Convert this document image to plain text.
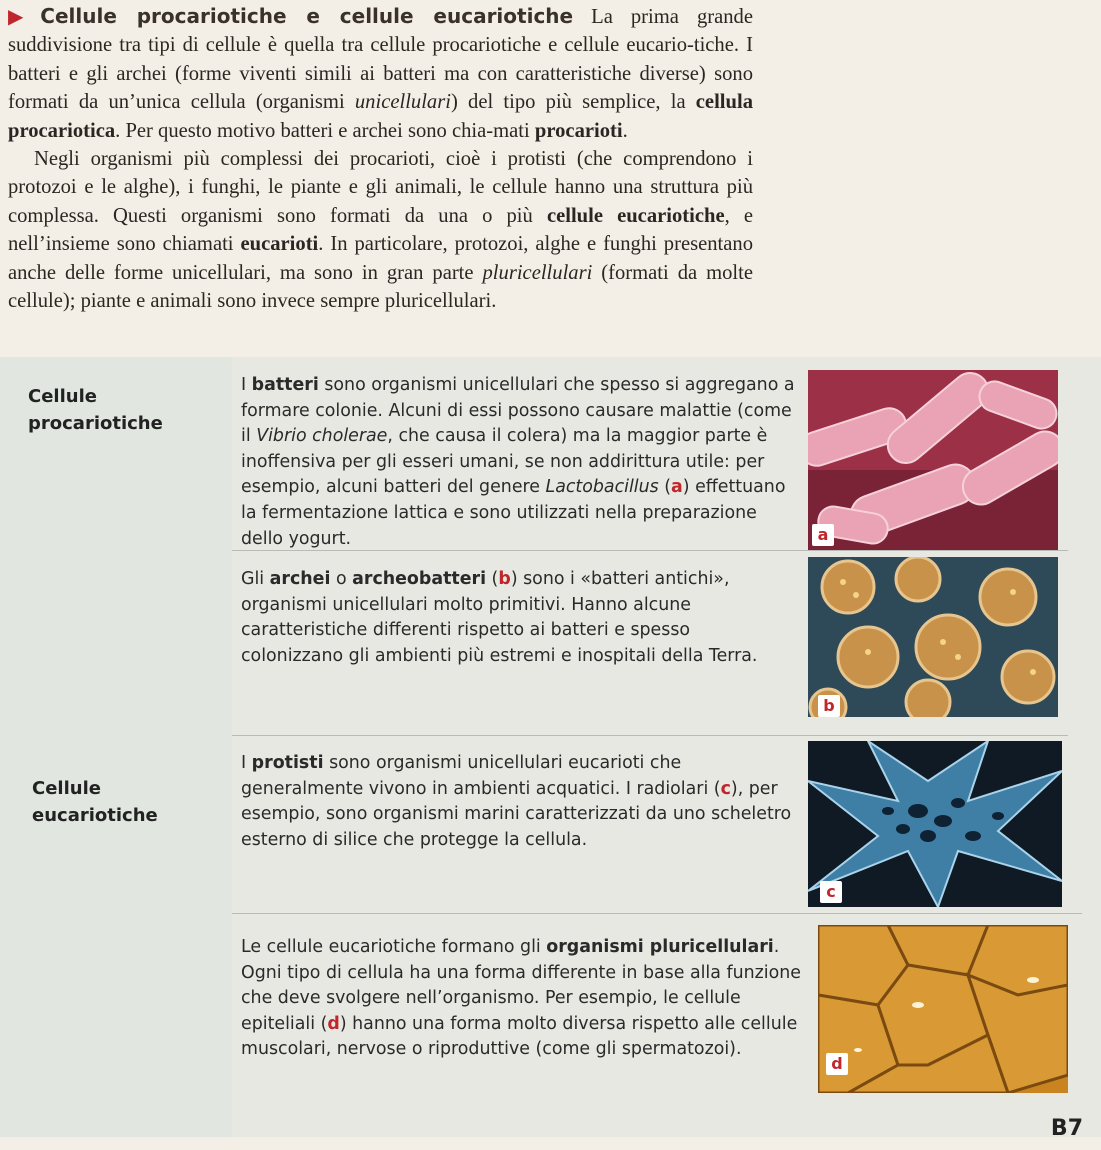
▶ Cellule procariotiche e cellule eucariotiche La prima grande suddivisione tra tipi di cellule è quella tra cellule procariotiche e cellule eucario-tiche. I batteri e gli archei (forme viventi simili ai batteri ma con caratteristiche diverse) sono formati da un’unica cellula (organismi unicellulari) del tipo più semplice, la cellula procariotica. Per questo motivo batteri e archei sono chia-mati procarioti.

Negli organismi più complessi dei procarioti, cioè i protisti (che comprendono i protozoi e le alghe), i funghi, le piante e gli animali, le cellule hanno una struttura più complessa. Questi organismi sono formati da una o più cellule eucariotiche, e nell’insieme sono chiamati eucarioti. In particolare, protozoi, alghe e funghi presentano anche delle forme unicellulari, ma sono in gran parte pluricellulari (formati da molte cellule); piante e animali sono invece sempre pluricellulari.

Cellule
procariotiche
Cellule
eucariotiche
I batteri sono organismi unicellulari che spesso si aggregano a formare colonie. Alcuni di essi possono causare malattie (come il Vibrio cholerae, che causa il colera) ma la maggior parte è inoffensiva per gli esseri umani, se non addirittura utile: per esempio, alcuni batteri del genere Lactobacillus (a) effettuano la fermentazione lattica e sono utilizzati nella preparazione dello yogurt.	a
Gli archei o archeobatteri (b) sono i «batteri antichi», organismi unicellulari molto primitivi. Hanno alcune caratteristiche differenti rispetto ai batteri e spesso colonizzano gli ambienti più estremi e inospitali della Terra.
b
I protisti sono organismi unicellulari eucarioti che generalmente vivono in ambienti acquatici. I radiolari (c), per esempio, sono organismi marini caratterizzati da uno scheletro esterno di silice che protegge la cellula.
c
Le cellule eucariotiche formano gli organismi pluricellulari. Ogni tipo di cellula ha una forma differente in base alla funzione che deve svolgere nell’organismo. Per esempio, le cellule epiteliali (d) hanno una forma molto diversa rispetto alle cellule muscolari, nervose o riproduttive (come gli spermatozoi).
d
B7
